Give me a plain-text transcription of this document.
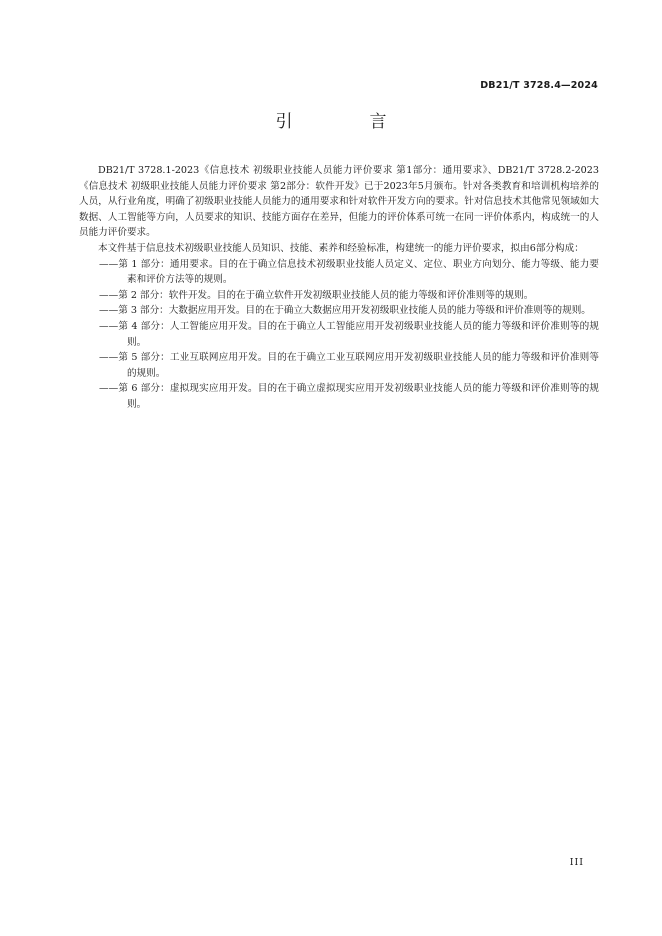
DB21/T 3728.4—2024
引　言

DB21/T 3728.1-2023《信息技术 初级职业技能人员能力评价要求 第1部分：通用要求》、DB21/T 3728.2-2023《信息技术 初级职业技能人员能力评价要求 第2部分：软件开发》已于2023年5月颁布。针对各类教育和培训机构培养的人员，从行业角度，明确了初级职业技能人员能力的通用要求和针对软件开发方向的要求。针对信息技术其他常见领域如大数据、人工智能等方向，人员要求的知识、技能方面存在差异，但能力的评价体系可统一在同一评价体系内，构成统一的人员能力评价要求。

本文件基于信息技术初级职业技能人员知识、技能、素养和经验标准，构建统一的能力评价要求，拟由6部分构成：

——第 1 部分：通用要求。目的在于确立信息技术初级职业技能人员定义、定位、职业方向划分、能力等级、能力要素和评价方法等的规则。
——第 2 部分：软件开发。目的在于确立软件开发初级职业技能人员的能力等级和评价准则等的规则。
——第 3 部分：大数据应用开发。目的在于确立大数据应用开发初级职业技能人员的能力等级和评价准则等的规则。
——第 4 部分：人工智能应用开发。目的在于确立人工智能应用开发初级职业技能人员的能力等级和评价准则等的规则。
——第 5 部分：工业互联网应用开发。目的在于确立工业互联网应用开发初级职业技能人员的能力等级和评价准则等的规则。
——第 6 部分：虚拟现实应用开发。目的在于确立虚拟现实应用开发初级职业技能人员的能力等级和评价准则等的规则。
III
